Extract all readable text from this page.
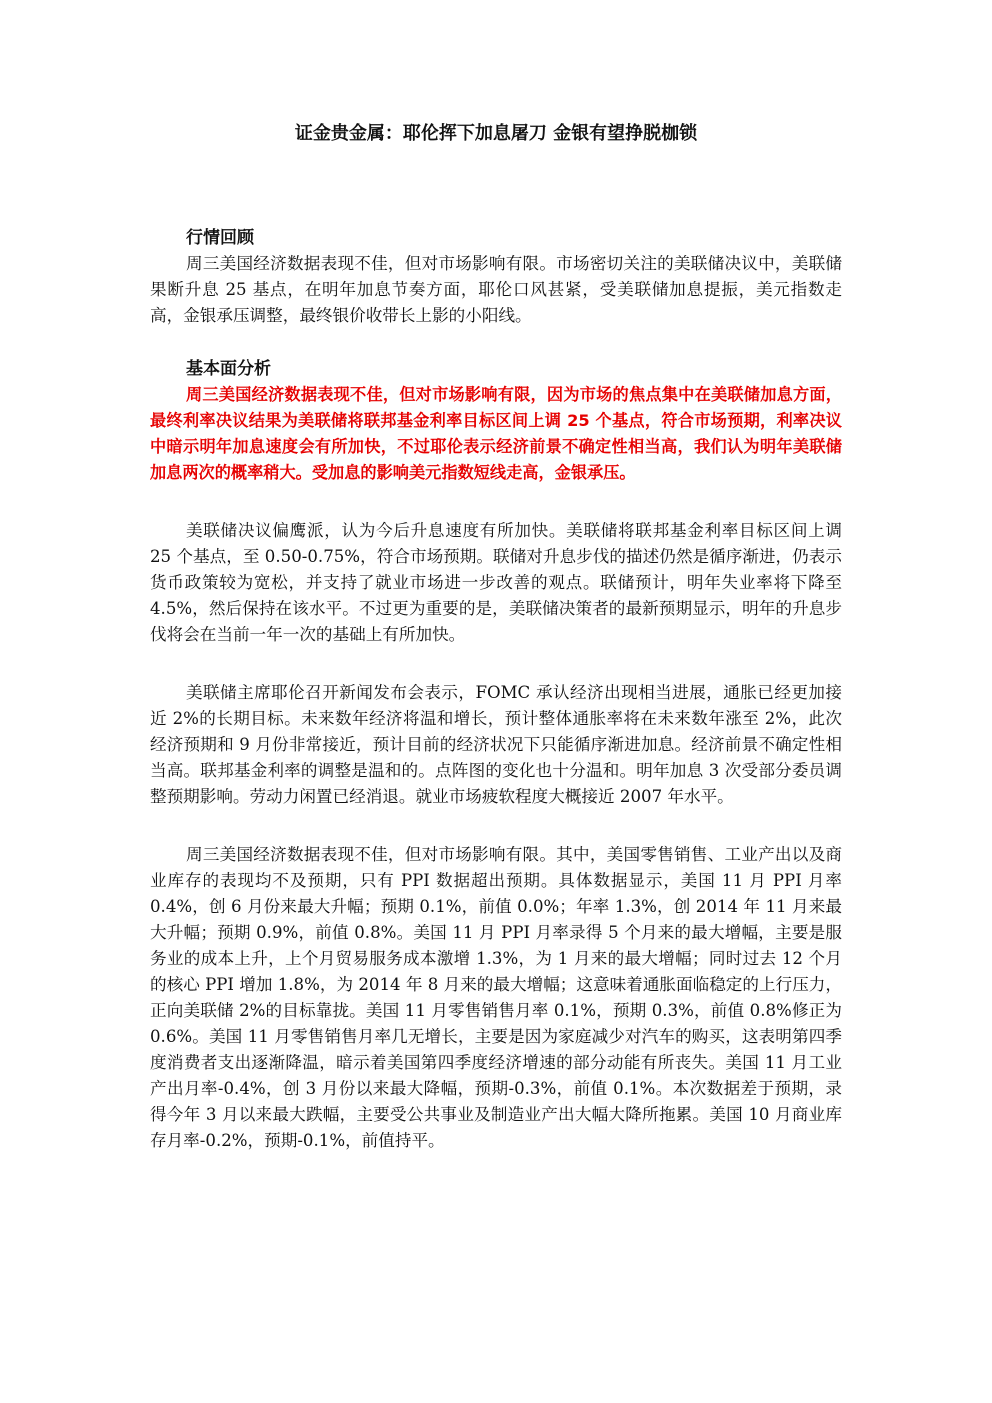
证金贵金属：耶伦挥下加息屠刀 金银有望挣脱枷锁
行情回顾

周三美国经济数据表现不佳，但对市场影响有限。市场密切关注的美联储决议中，美联储果断升息 25 基点，在明年加息节奏方面，耶伦口风甚紧，受美联储加息提振，美元指数走高，金银承压调整，最终银价收带长上影的小阳线。

基本面分析

周三美国经济数据表现不佳，但对市场影响有限，因为市场的焦点集中在美联储加息方面，最终利率决议结果为美联储将联邦基金利率目标区间上调 25 个基点，符合市场预期，利率决议中暗示明年加息速度会有所加快，不过耶伦表示经济前景不确定性相当高，我们认为明年美联储加息两次的概率稍大。受加息的影响美元指数短线走高，金银承压。

美联储决议偏鹰派，认为今后升息速度有所加快。美联储将联邦基金利率目标区间上调 25 个基点，至 0.50-0.75%，符合市场预期。联储对升息步伐的描述仍然是循序渐进，仍表示货币政策较为宽松，并支持了就业市场进一步改善的观点。联储预计，明年失业率将下降至 4.5%，然后保持在该水平。不过更为重要的是，美联储决策者的最新预期显示，明年的升息步伐将会在当前一年一次的基础上有所加快。

美联储主席耶伦召开新闻发布会表示，FOMC 承认经济出现相当进展，通胀已经更加接近 2%的长期目标。未来数年经济将温和增长，预计整体通胀率将在未来数年涨至 2%，此次经济预期和 9 月份非常接近，预计目前的经济状况下只能循序渐进加息。经济前景不确定性相当高。联邦基金利率的调整是温和的。点阵图的变化也十分温和。明年加息 3 次受部分委员调整预期影响。劳动力闲置已经消退。就业市场疲软程度大概接近 2007 年水平。

周三美国经济数据表现不佳，但对市场影响有限。其中，美国零售销售、工业产出以及商业库存的表现均不及预期，只有 PPI 数据超出预期。具体数据显示，美国 11 月 PPI 月率 0.4%，创 6 月份来最大升幅；预期 0.1%，前值 0.0%；年率 1.3%，创 2014 年 11 月来最大升幅；预期 0.9%，前值 0.8%。美国 11 月 PPI 月率录得 5 个月来的最大增幅，主要是服务业的成本上升，上个月贸易服务成本激增 1.3%，为 1 月来的最大增幅；同时过去 12 个月的核心 PPI 增加 1.8%，为 2014 年 8 月来的最大增幅；这意味着通胀面临稳定的上行压力，正向美联储 2%的目标靠拢。美国 11 月零售销售月率 0.1%，预期 0.3%，前值 0.8%修正为 0.6%。美国 11 月零售销售月率几无增长，主要是因为家庭减少对汽车的购买，这表明第四季度消费者支出逐渐降温，暗示着美国第四季度经济增速的部分动能有所丧失。美国 11 月工业产出月率-0.4%，创 3 月份以来最大降幅，预期-0.3%，前值 0.1%。本次数据差于预期，录得今年 3 月以来最大跌幅，主要受公共事业及制造业产出大幅大降所拖累。美国 10 月商业库存月率-0.2%，预期-0.1%，前值持平。
